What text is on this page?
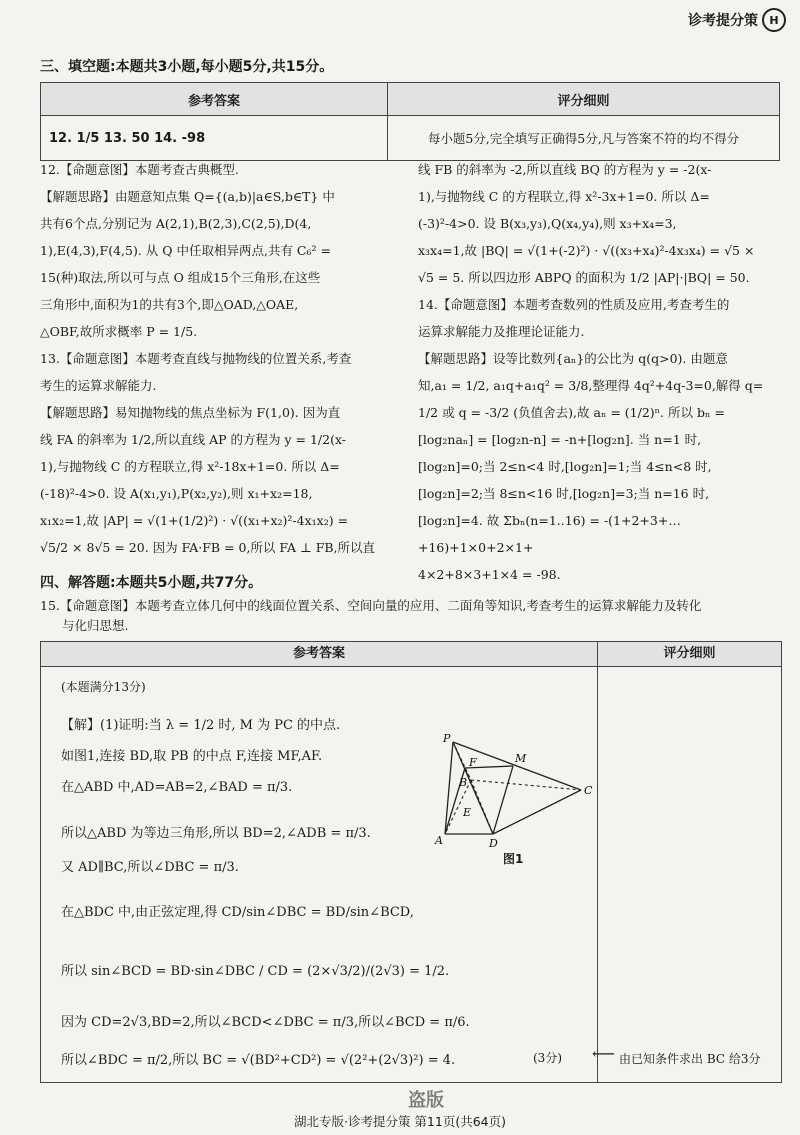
诊考提分策	H
三、填空题:本题共3小题,每小题5分,共15分。
参考答案	评分细则
12. 1/5 13. 50 14. -98	每小题5分,完全填写正确得5分,凡与答案不符的均不得分
12.【命题意图】本题考查古典概型.
【解题思路】由题意知点集 Q={(a,b)|a∈S,b∈T} 中
共有6个点,分别记为 A(2,1),B(2,3),C(2,5),D(4,
1),E(4,3),F(4,5). 从 Q 中任取相异两点,共有 C₆² =
15(种)取法,所以可与点 O 组成15个三角形,在这些
三角形中,面积为1的共有3个,即△OAD,△OAE,
△OBF,故所求概率 P = 1/5.
13.【命题意图】本题考查直线与抛物线的位置关系,考查
考生的运算求解能力.
【解题思路】易知抛物线的焦点坐标为 F(1,0). 因为直
线 FA 的斜率为 1/2,所以直线 AP 的方程为 y = 1/2(x-
1),与抛物线 C 的方程联立,得 x²-18x+1=0. 所以 Δ=
(-18)²-4>0. 设 A(x₁,y₁),P(x₂,y₂),则 x₁+x₂=18,
x₁x₂=1,故 |AP| = √(1+(1/2)²) · √((x₁+x₂)²-4x₁x₂) =
√5/2 × 8√5 = 20. 因为 FA·FB = 0,所以 FA ⊥ FB,所以直
线 FB 的斜率为 -2,所以直线 BQ 的方程为 y = -2(x-
1),与抛物线 C 的方程联立,得 x²-3x+1=0. 所以 Δ=
(-3)²-4>0. 设 B(x₃,y₃),Q(x₄,y₄),则 x₃+x₄=3,
x₃x₄=1,故 |BQ| = √(1+(-2)²) · √((x₃+x₄)²-4x₃x₄) = √5 ×
√5 = 5. 所以四边形 ABPQ 的面积为 1/2 |AP|·|BQ| = 50.
14.【命题意图】本题考查数列的性质及应用,考查考生的
运算求解能力及推理论证能力.
【解题思路】设等比数列{aₙ}的公比为 q(q>0). 由题意
知,a₁ = 1/2, a₁q+a₁q² = 3/8,整理得 4q²+4q-3=0,解得 q=
1/2 或 q = -3/2 (负值舍去),故 aₙ = (1/2)ⁿ. 所以 bₙ =
[log₂naₙ] = [log₂n-n] = -n+[log₂n]. 当 n=1 时,
[log₂n]=0;当 2≤n<4 时,[log₂n]=1;当 4≤n<8 时,
[log₂n]=2;当 8≤n<16 时,[log₂n]=3;当 n=16 时,
[log₂n]=4. 故 Σbₙ(n=1..16) = -(1+2+3+…+16)+1×0+2×1+
4×2+8×3+1×4 = -98.
四、解答题:本题共5小题,共77分。
15.【命题意图】本题考查立体几何中的线面位置关系、空间向量的应用、二面角等知识,考查考生的运算求解能力及转化
与化归思想.
参考答案	评分细则
(本题满分13分)
【解】(1)证明:当 λ = 1/2 时, M 为 PC 的中点.
如图1,连接 BD,取 PB 的中点 F,连接 MF,AF.
在△ABD 中,AD=AB=2,∠BAD = π/3.
所以△ABD 为等边三角形,所以 BD=2,∠ADB = π/3.
又 AD∥BC,所以∠DBC = π/3.
在△BDC 中,由正弦定理,得 CD/sin∠DBC = BD/sin∠BCD,
所以 sin∠BCD = BD·sin∠DBC / CD = (2×√3/2)/(2√3) = 1/2.
因为 CD=2√3,BD=2,所以∠BCD<∠DBC = π/3,所以∠BCD = π/6.
所以∠BDC = π/2,所以 BC = √(BD²+CD²) = √(2²+(2√3)²) = 4.	(3分) ⟵ 由已知条件求出 BC 给3分
P
M
F
B
E
C
A	D
图1
盗版
湖北专版·诊考提分策 第11页(共64页)
